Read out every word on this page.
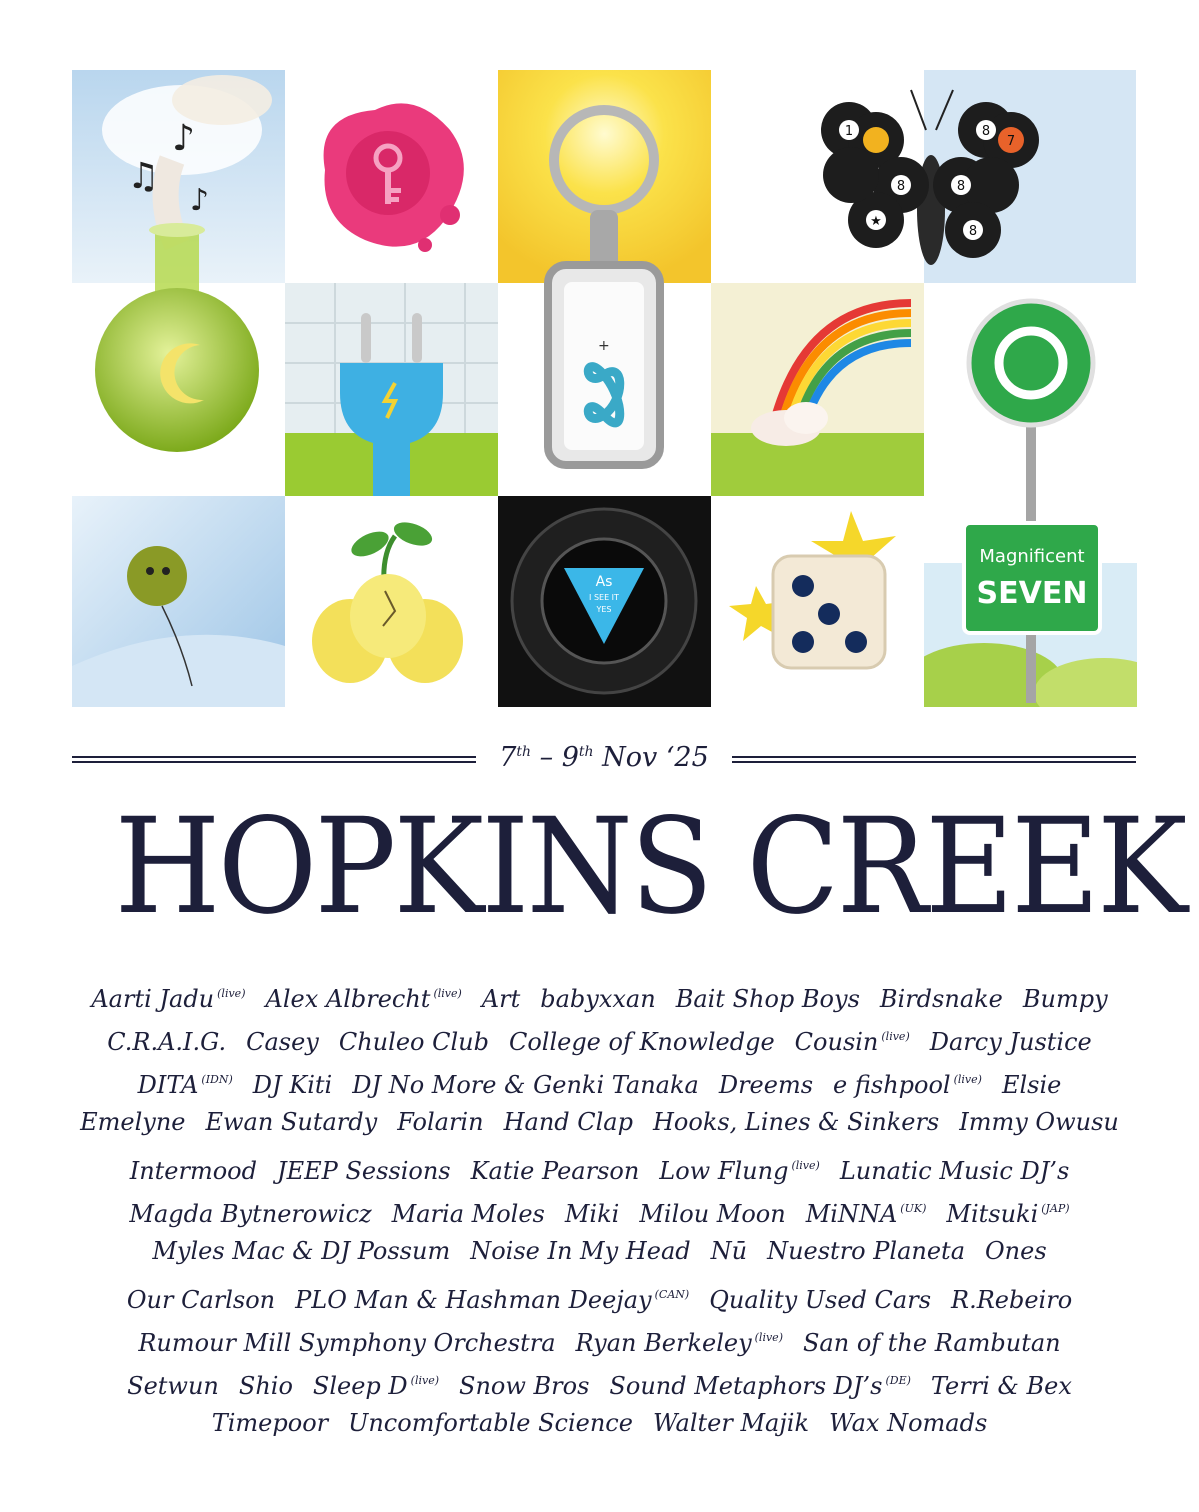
♫
♪
♪
+
1
8
8
8
7
8
★
Magnificent
SEVEN
As
I SEE IT
YES
7th – 9th Nov ‘25
HOPKINS CREEK
Aarti Jadu $^{(live)}$ Alex Albrecht $^{(live)}$ Art babyxxan Bait Shop Boys Birdsnake Bumpy
C.R.A.I.G. Casey Chuleo Club College of Knowledge Cousin $^{(live)}$ Darcy Justice
DITA $^{(IDN)}$ DJ Kiti DJ No More & Genki Tanaka Dreems e fishpool $^{(live)}$ Elsie
Emelyne Ewan Sutardy Folarin Hand Clap Hooks, Lines & Sinkers Immy Owusu
Intermood JEEP Sessions Katie Pearson Low Flung $^{(live)}$ Lunatic Music DJ’s
Magda Bytnerowicz Maria Moles Miki Milou Moon MiNNA $^{(UK)}$ Mitsuki $^{(JAP)}$
Myles Mac & DJ Possum Noise In My Head Nū Nuestro Planeta Ones
Our Carlson PLO Man & Hashman Deejay $^{(CAN)}$ Quality Used Cars R.Rebeiro
Rumour Mill Symphony Orchestra Ryan Berkeley $^{(live)}$ San of the Rambutan
Setwun Shio Sleep D $^{(live)}$ Snow Bros Sound Metaphors DJ’s $^{(DE)}$ Terri & Bex
Timepoor Uncomfortable Science Walter Majik Wax Nomads
